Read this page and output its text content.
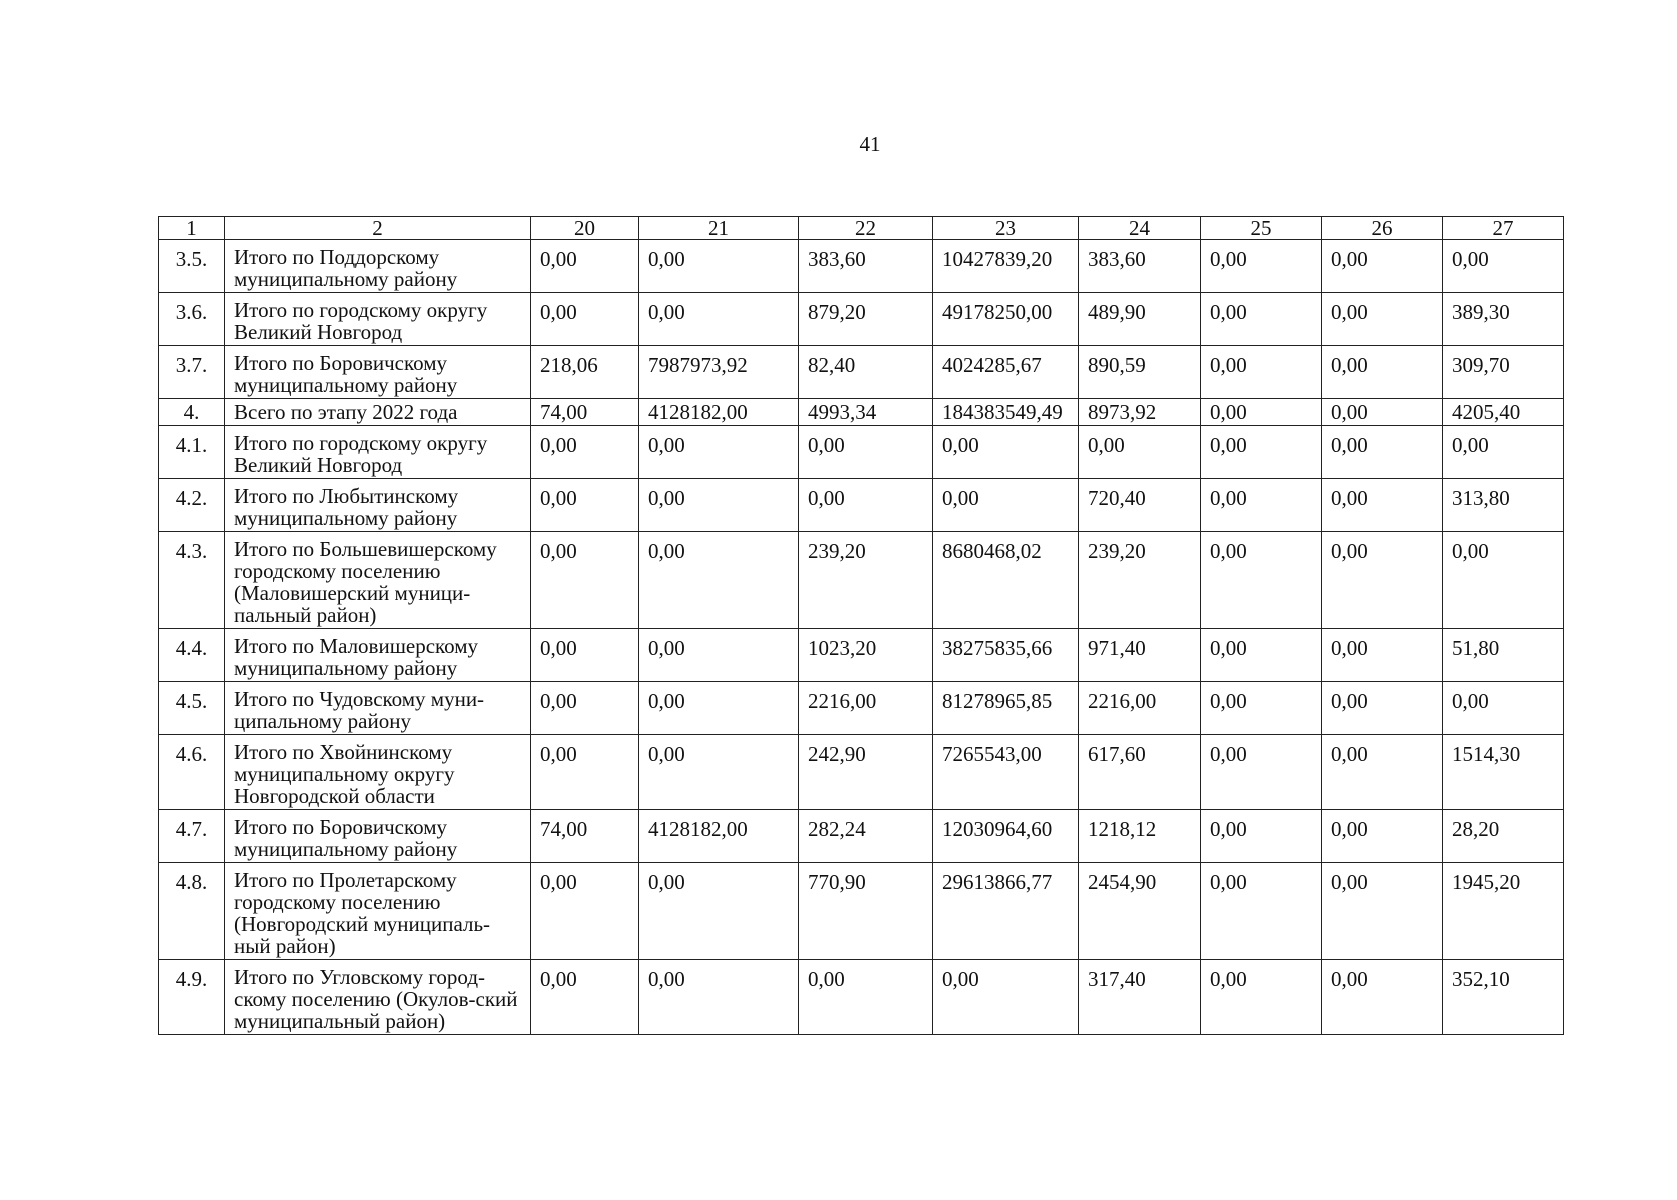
41
1	2	20	21	22	23	24	25	26	27
3.5.	Итого по Поддорскому муниципальному району	0,00	0,00	383,60	10427839,20	383,60	0,00	0,00	0,00
3.6.	Итого по городскому округу Великий Новгород	0,00	0,00	879,20	49178250,00	489,90	0,00	0,00	389,30
3.7.	Итого по Боровичскому муниципальному району	218,06	7987973,92	82,40	4024285,67	890,59	0,00	0,00	309,70
4.	Всего по этапу 2022 года	74,00	4128182,00	4993,34	184383549,49	8973,92	0,00	0,00	4205,40
4.1.	Итого по городскому округу Великий Новгород	0,00	0,00	0,00	0,00	0,00	0,00	0,00	0,00
4.2.	Итого по Любытинскому муниципальному району	0,00	0,00	0,00	0,00	720,40	0,00	0,00	313,80
4.3.	Итого по Большевишерскому городскому поселению (Маловишерский муници-пальный район)	0,00	0,00	239,20	8680468,02	239,20	0,00	0,00	0,00
4.4.	Итого по Маловишерскому муниципальному району	0,00	0,00	1023,20	38275835,66	971,40	0,00	0,00	51,80
4.5.	Итого по Чудовскому муни-ципальному району	0,00	0,00	2216,00	81278965,85	2216,00	0,00	0,00	0,00
4.6.	Итого по Хвойнинскому муниципальному округу Новгородской области	0,00	0,00	242,90	7265543,00	617,60	0,00	0,00	1514,30
4.7.	Итого по Боровичскому муниципальному району	74,00	4128182,00	282,24	12030964,60	1218,12	0,00	0,00	28,20
4.8.	Итого по Пролетарскому городскому поселению (Новгородский муниципаль-ный район)	0,00	0,00	770,90	29613866,77	2454,90	0,00	0,00	1945,20
4.9.	Итого по Угловскому город-скому поселению (Окулов-ский муниципальный район)	0,00	0,00	0,00	0,00	317,40	0,00	0,00	352,10
